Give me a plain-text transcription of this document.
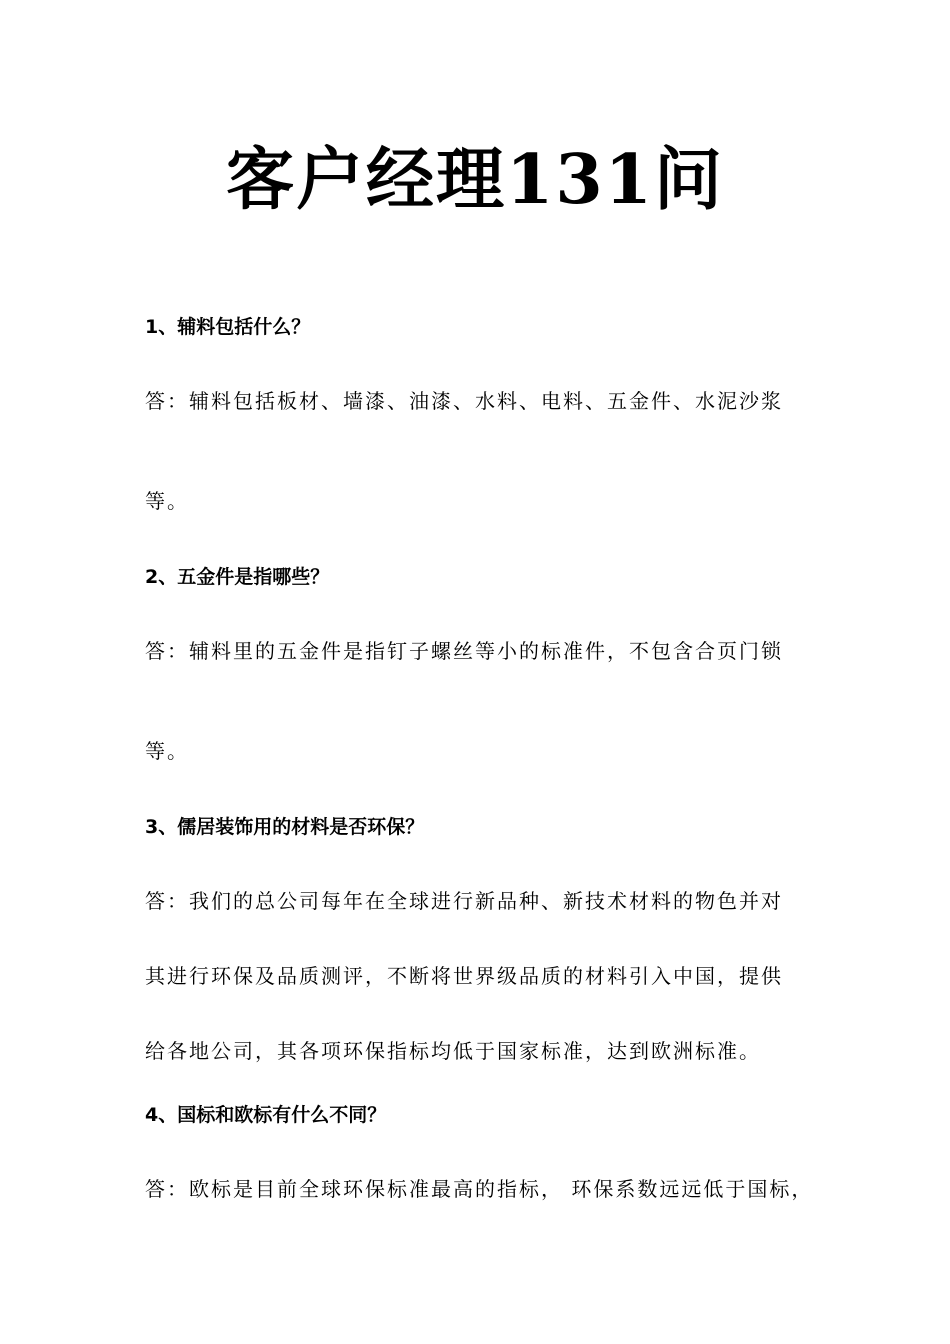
客户经理131问
1、辅料包括什么？
答：辅料包括板材、墙漆、油漆、水料、电料、五金件、水泥沙浆
等。
2、五金件是指哪些？
答：辅料里的五金件是指钉子螺丝等小的标准件，不包含合页门锁
等。
3、儒居装饰用的材料是否环保？
答：我们的总公司每年在全球进行新品种、新技术材料的物色并对
其进行环保及品质测评，不断将世界级品质的材料引入中国，提供
给各地公司，其各项环保指标均低于国家标准，达到欧洲标准。
4、国标和欧标有什么不同？
答：欧标是目前全球环保标准最高的指标， 环保系数远远低于国标，
